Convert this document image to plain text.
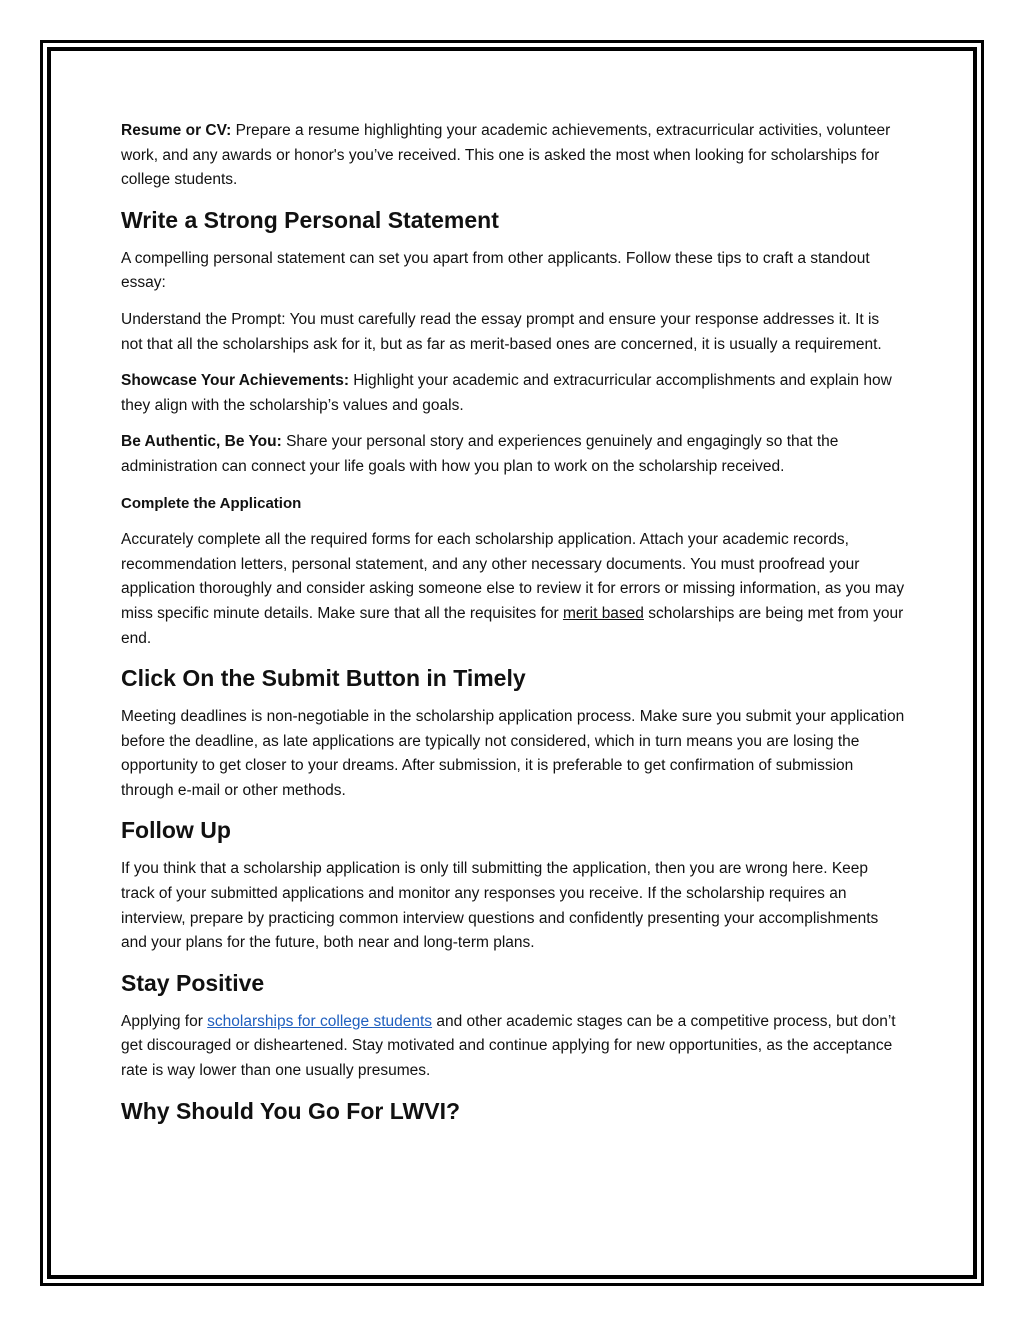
Resume or CV: Prepare a resume highlighting your academic achievements, extracurricular activities, volunteer work, and any awards or honor's you’ve received. This one is asked the most when looking for scholarships for college students.

Write a Strong Personal Statement

A compelling personal statement can set you apart from other applicants. Follow these tips to craft a standout essay:

Understand the Prompt: You must carefully read the essay prompt and ensure your response addresses it. It is not that all the scholarships ask for it, but as far as merit-based ones are concerned, it is usually a requirement.

Showcase Your Achievements: Highlight your academic and extracurricular accomplishments and explain how they align with the scholarship’s values and goals.

Be Authentic, Be You: Share your personal story and experiences genuinely and engagingly so that the administration can connect your life goals with how you plan to work on the scholarship received.

Complete the Application

Accurately complete all the required forms for each scholarship application. Attach your academic records, recommendation letters, personal statement, and any other necessary documents. You must proofread your application thoroughly and consider asking someone else to review it for errors or missing information, as you may miss specific minute details. Make sure that all the requisites for merit based scholarships are being met from your end.

Click On the Submit Button in Timely

Meeting deadlines is non-negotiable in the scholarship application process. Make sure you submit your application before the deadline, as late applications are typically not considered, which in turn means you are losing the opportunity to get closer to your dreams. After submission, it is preferable to get confirmation of submission through e-mail or other methods.

Follow Up

If you think that a scholarship application is only till submitting the application, then you are wrong here. Keep track of your submitted applications and monitor any responses you receive. If the scholarship requires an interview, prepare by practicing common interview questions and confidently presenting your accomplishments and your plans for the future, both near and long-term plans.

Stay Positive

Applying for scholarships for college students and other academic stages can be a competitive process, but don’t get discouraged or disheartened. Stay motivated and continue applying for new opportunities, as the acceptance rate is way lower than one usually presumes.

Why Should You Go For LWVI?
